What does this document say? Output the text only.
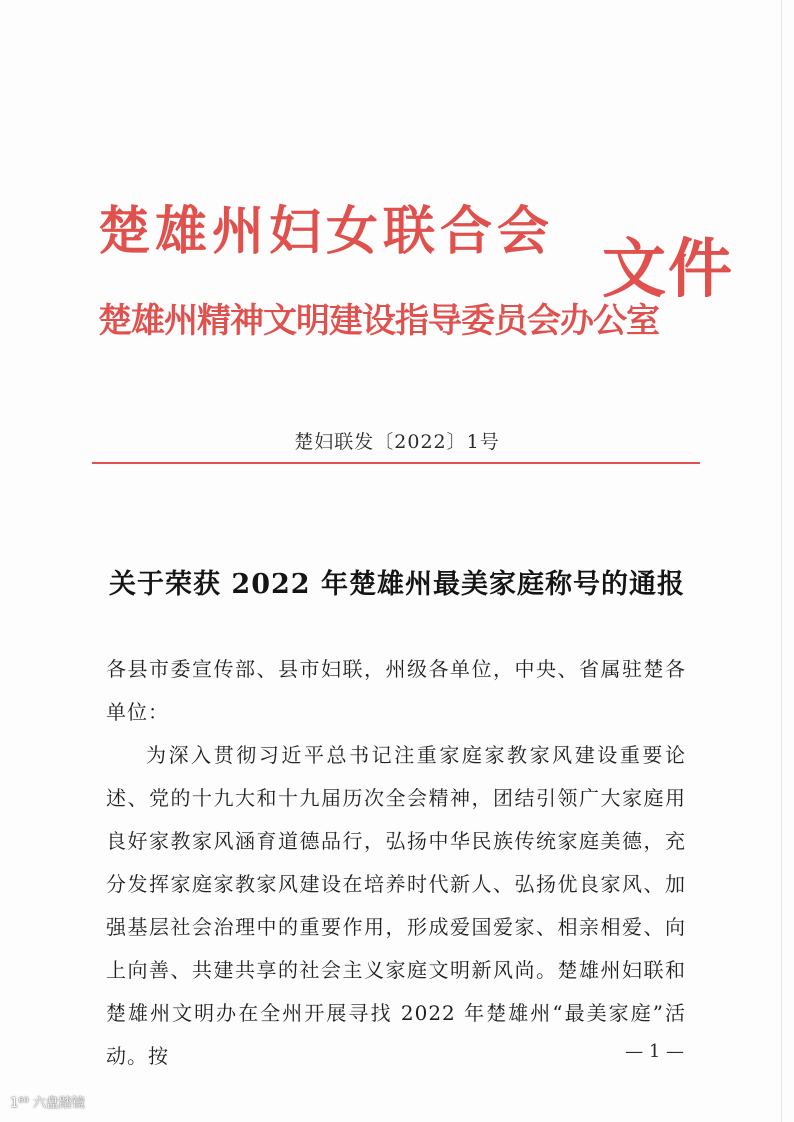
楚雄州妇女联合会
楚雄州精神文明建设指导委员会办公室
文件
楚妇联发〔2022〕1号
关于荣获 2022 年楚雄州最美家庭称号的通报

各县市委宣传部、县市妇联，州级各单位，中央、省属驻楚各单位：

为深入贯彻习近平总书记注重家庭家教家风建设重要论述、党的十九大和十九届历次全会精神，团结引领广大家庭用良好家教家风涵育道德品行，弘扬中华民族传统家庭美德，充分发挥家庭家教家风建设在培养时代新人、弘扬优良家风、加强基层社会治理中的重要作用，形成爱国爱家、相亲相爱、向上向善、共建共享的社会主义家庭文明新风尚。楚雄州妇联和楚雄州文明办在全州开展寻找 2022 年楚雄州“最美家庭”活动。按	— 1 —
1⁶⁰ 六盘踏镜
